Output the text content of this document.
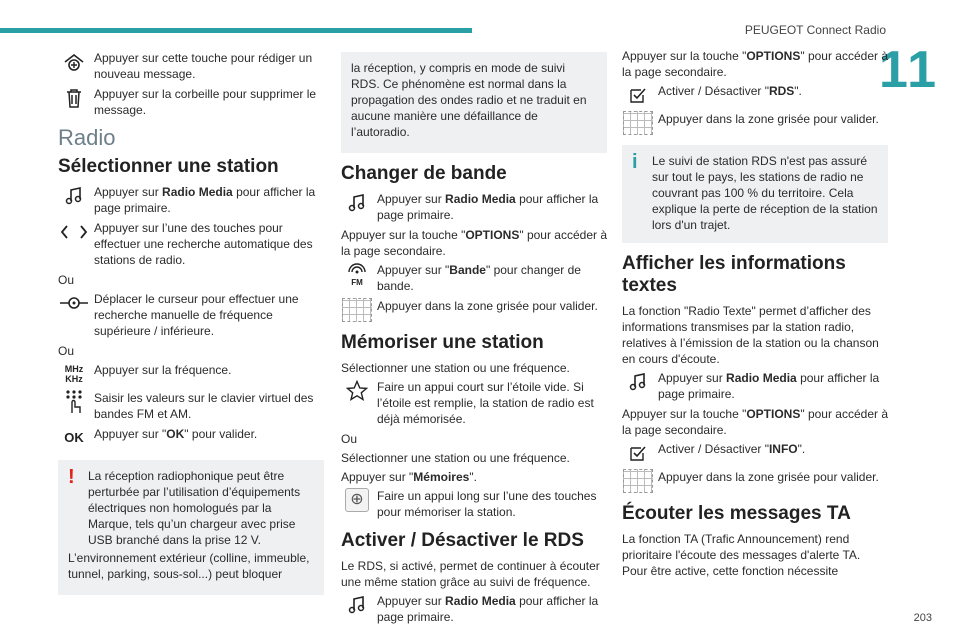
PEUGEOT Connect Radio
11
203
Appuyer sur cette touche pour rédiger un nouveau message.
Appuyer sur la corbeille pour supprimer le message.
Radio
Sélectionner une station
Appuyer sur Radio Media pour afficher la page primaire.
Appuyer sur l’une des touches pour effectuer une recherche automatique des stations de radio.

Ou

Déplacer le curseur pour effectuer une recherche manuelle de fréquence supérieure / inférieure.

Ou

MHz
KHz
Appuyer sur la fréquence.
Saisir les valeurs sur le clavier virtuel des bandes FM et AM.
OK Appuyer sur "OK" pour valider.
!	La réception radiophonique peut être perturbée par l’utilisation d’équipements électriques non homologués par la Marque, tels qu’un chargeur avec prise USB branché dans la prise 12 V.

L’environnement extérieur (colline, immeuble, tunnel, parking, sous-sol...) peut bloquer

la réception, y compris en mode de suivi RDS. Ce phénomène est normal dans la propagation des ondes radio et ne traduit en aucune manière une défaillance de l’autoradio.

Changer de bande
Appuyer sur Radio Media pour afficher la page primaire.

Appuyer sur la touche "OPTIONS" pour accéder à la page secondaire.

FM
Appuyer sur "Bande" pour changer de bande.
Appuyer dans la zone grisée pour valider.
Mémoriser une station

Sélectionner une station ou une fréquence.

Faire un appui court sur l’étoile vide. Si l’étoile est remplie, la station de radio est déjà mémorisée.

Ou

Sélectionner une station ou une fréquence.

Appuyer sur "Mémoires".

⊕	Faire un appui long sur l’une des touches pour mémoriser la station.
Activer / Désactiver le RDS

Le RDS, si activé, permet de continuer à écouter une même station grâce au suivi de fréquence.

Appuyer sur Radio Media pour afficher la page primaire.

Appuyer sur la touche "OPTIONS" pour accéder à la page secondaire.

Activer / Désactiver "RDS".
Appuyer dans la zone grisée pour valider.
i	Le suivi de station RDS n'est pas assuré sur tout le pays, les stations de radio ne couvrant pas 100 % du territoire. Cela explique la perte de réception de la station lors d'un trajet.
Afficher les informations textes

La fonction "Radio Texte" permet d’afficher des informations transmises par la station radio, relatives à l’émission de la station ou la chanson en cours d'écoute.

Appuyer sur Radio Media pour afficher la page primaire.

Appuyer sur la touche "OPTIONS" pour accéder à la page secondaire.

Activer / Désactiver "INFO".
Appuyer dans la zone grisée pour valider.
Écouter les messages TA

La fonction TA (Trafic Announcement) rend prioritaire l'écoute des messages d'alerte TA. Pour être active, cette fonction nécessite
